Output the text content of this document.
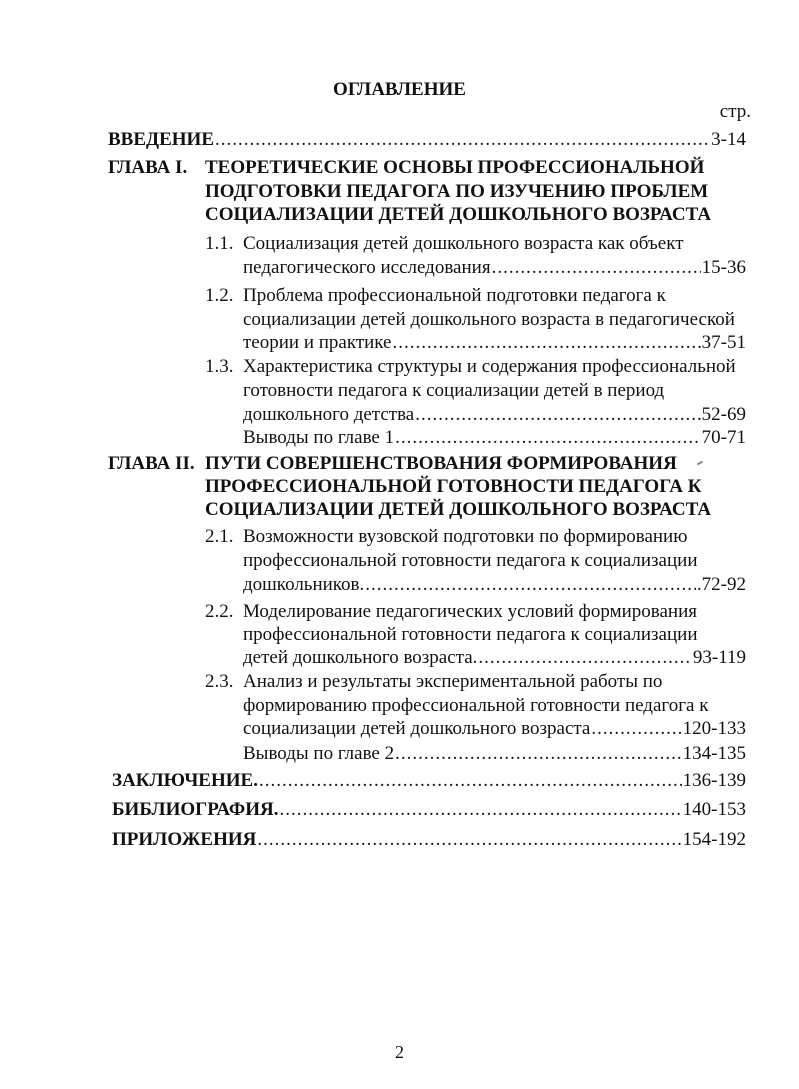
ОГЛАВЛЕНИЕ
стр.
ВВЕДЕНИЕ .....	3-14
ГЛАВА I. ТЕОРЕТИЧЕСКИЕ ОСНОВЫ ПРОФЕССИОНАЛЬНОЙ
ПОДГОТОВКИ ПЕДАГОГА ПО ИЗУЧЕНИЮ ПРОБЛЕМ
СОЦИАЛИЗАЦИИ ДЕТЕЙ ДОШКОЛЬНОГО ВОЗРАСТА
1.1. Социализация детей дошкольного возраста как объект
педагогического исследования .....	15-36
1.2. Проблема профессиональной подготовки педагога к
социализации детей дошкольного возраста в педагогической
теории и практике .....	37-51
1.3. Характеристика структуры и содержания профессиональной
готовности педагога к социализации детей в период
дошкольного детства .....	52-69
Выводы по главе 1 .....	70-71
ГЛАВА II. ПУТИ СОВЕРШЕНСТВОВАНИЯ ФОРМИРОВАНИЯ
ПРОФЕССИОНАЛЬНОЙ ГОТОВНОСТИ ПЕДАГОГА К
СОЦИАЛИЗАЦИИ ДЕТЕЙ ДОШКОЛЬНОГО ВОЗРАСТА
2.1. Возможности вузовской подготовки по формированию
профессиональной готовности педагога к социализации
дошкольников. .....	.72-92
2.2. Моделирование педагогических условий формирования
профессиональной готовности педагога к социализации
детей дошкольного возраста. .....	93-119
2.3. Анализ и результаты экспериментальной работы по
формированию профессиональной готовности педагога к
социализации детей дошкольного возраста .....	120-133
Выводы по главе 2 .....	134-135
ЗАКЛЮЧЕНИЕ. .....	136-139
БИБЛИОГРАФИЯ. .....	140-153
ПРИЛОЖЕНИЯ .....	154-192
2
